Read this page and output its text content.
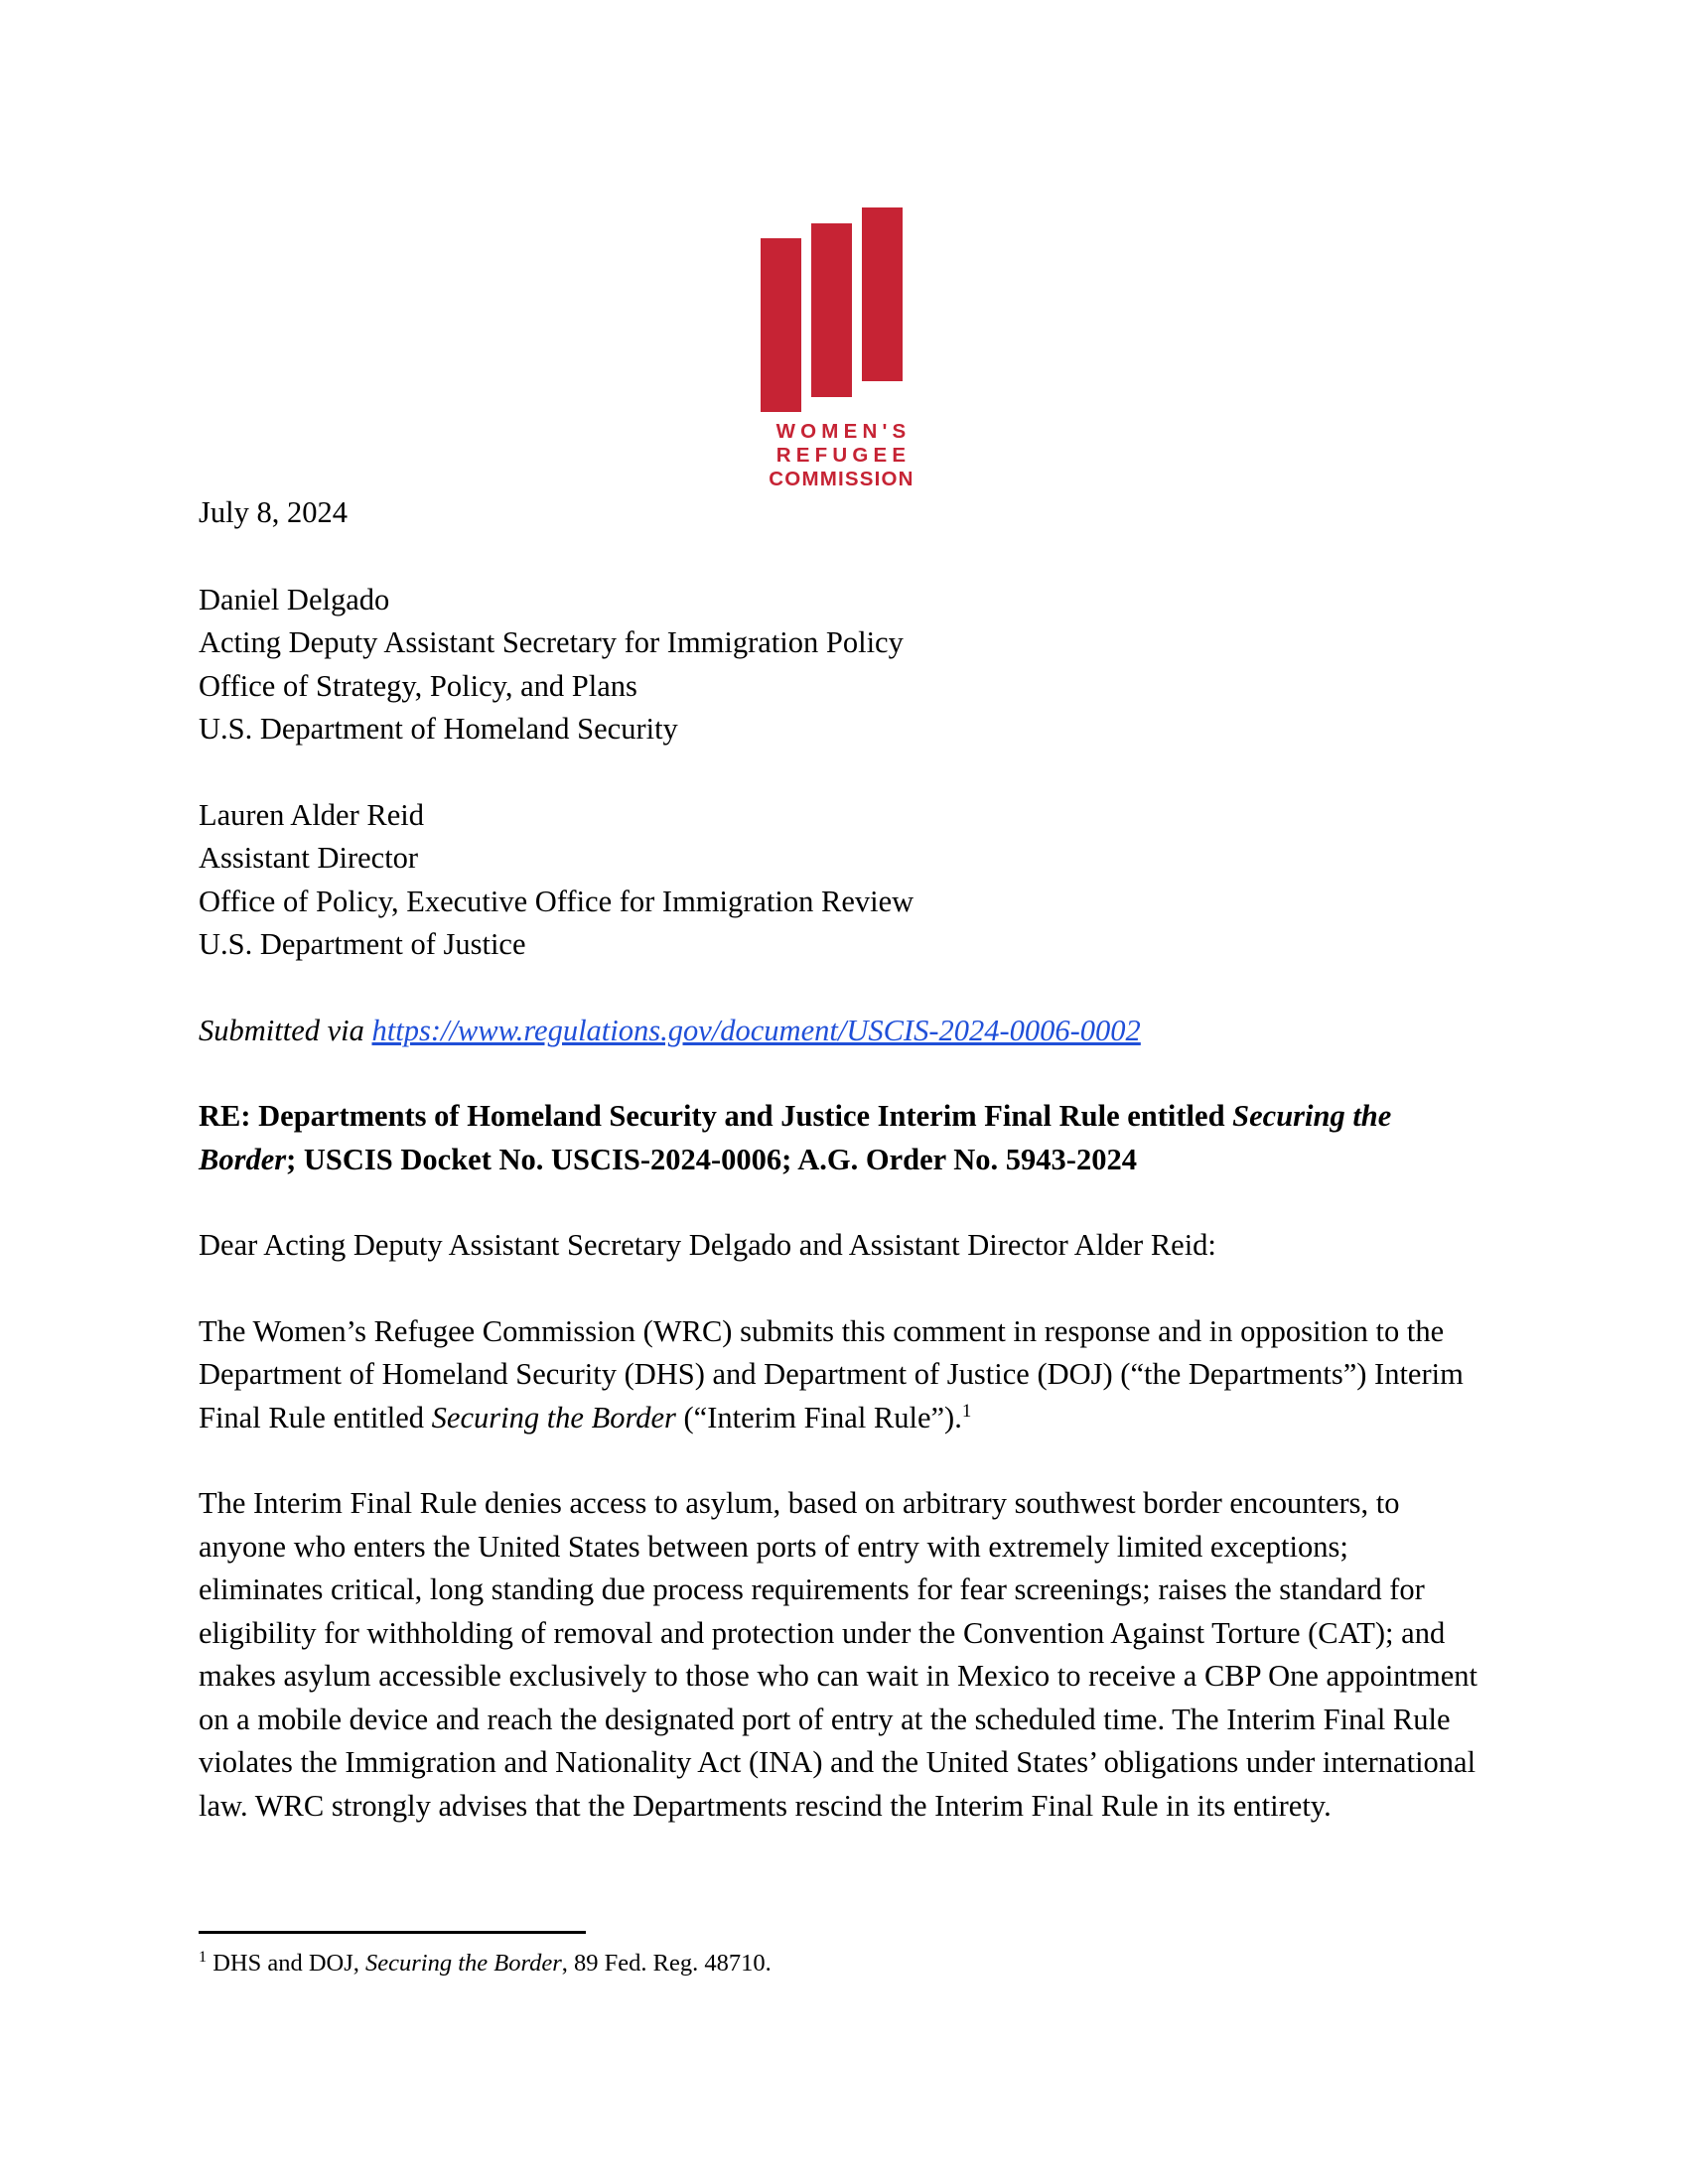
WOMEN'S
REFUGEE
COMMISSION
July 8, 2024
Daniel Delgado
Acting Deputy Assistant Secretary for Immigration Policy
Office of Strategy, Policy, and Plans
U.S. Department of Homeland Security
Lauren Alder Reid
Assistant Director
Office of Policy, Executive Office for Immigration Review
U.S. Department of Justice
Submitted via https://www.regulations.gov/document/USCIS-2024-0006-0002
RE: Departments of Homeland Security and Justice Interim Final Rule entitled Securing the Border; USCIS Docket No. USCIS-2024-0006; A.G. Order No. 5943-2024
Dear Acting Deputy Assistant Secretary Delgado and Assistant Director Alder Reid:
The Women’s Refugee Commission (WRC) submits this comment in response and in opposition to the Department of Homeland Security (DHS) and Department of Justice (DOJ) (“the Departments”) Interim Final Rule entitled Securing the Border (“Interim Final Rule”).$^1$
The Interim Final Rule denies access to asylum, based on arbitrary southwest border encounters, to anyone who enters the United States between ports of entry with extremely limited exceptions; eliminates critical, long standing due process requirements for fear screenings; raises the standard for eligibility for withholding of removal and protection under the Convention Against Torture (CAT); and makes asylum accessible exclusively to those who can wait in Mexico to receive a CBP One appointment on a mobile device and reach the designated port of entry at the scheduled time. The Interim Final Rule violates the Immigration and Nationality Act (INA) and the United States’ obligations under international law. WRC strongly advises that the Departments rescind the Interim Final Rule in its entirety.
$^1$ DHS and DOJ, Securing the Border, 89 Fed. Reg. 48710.
